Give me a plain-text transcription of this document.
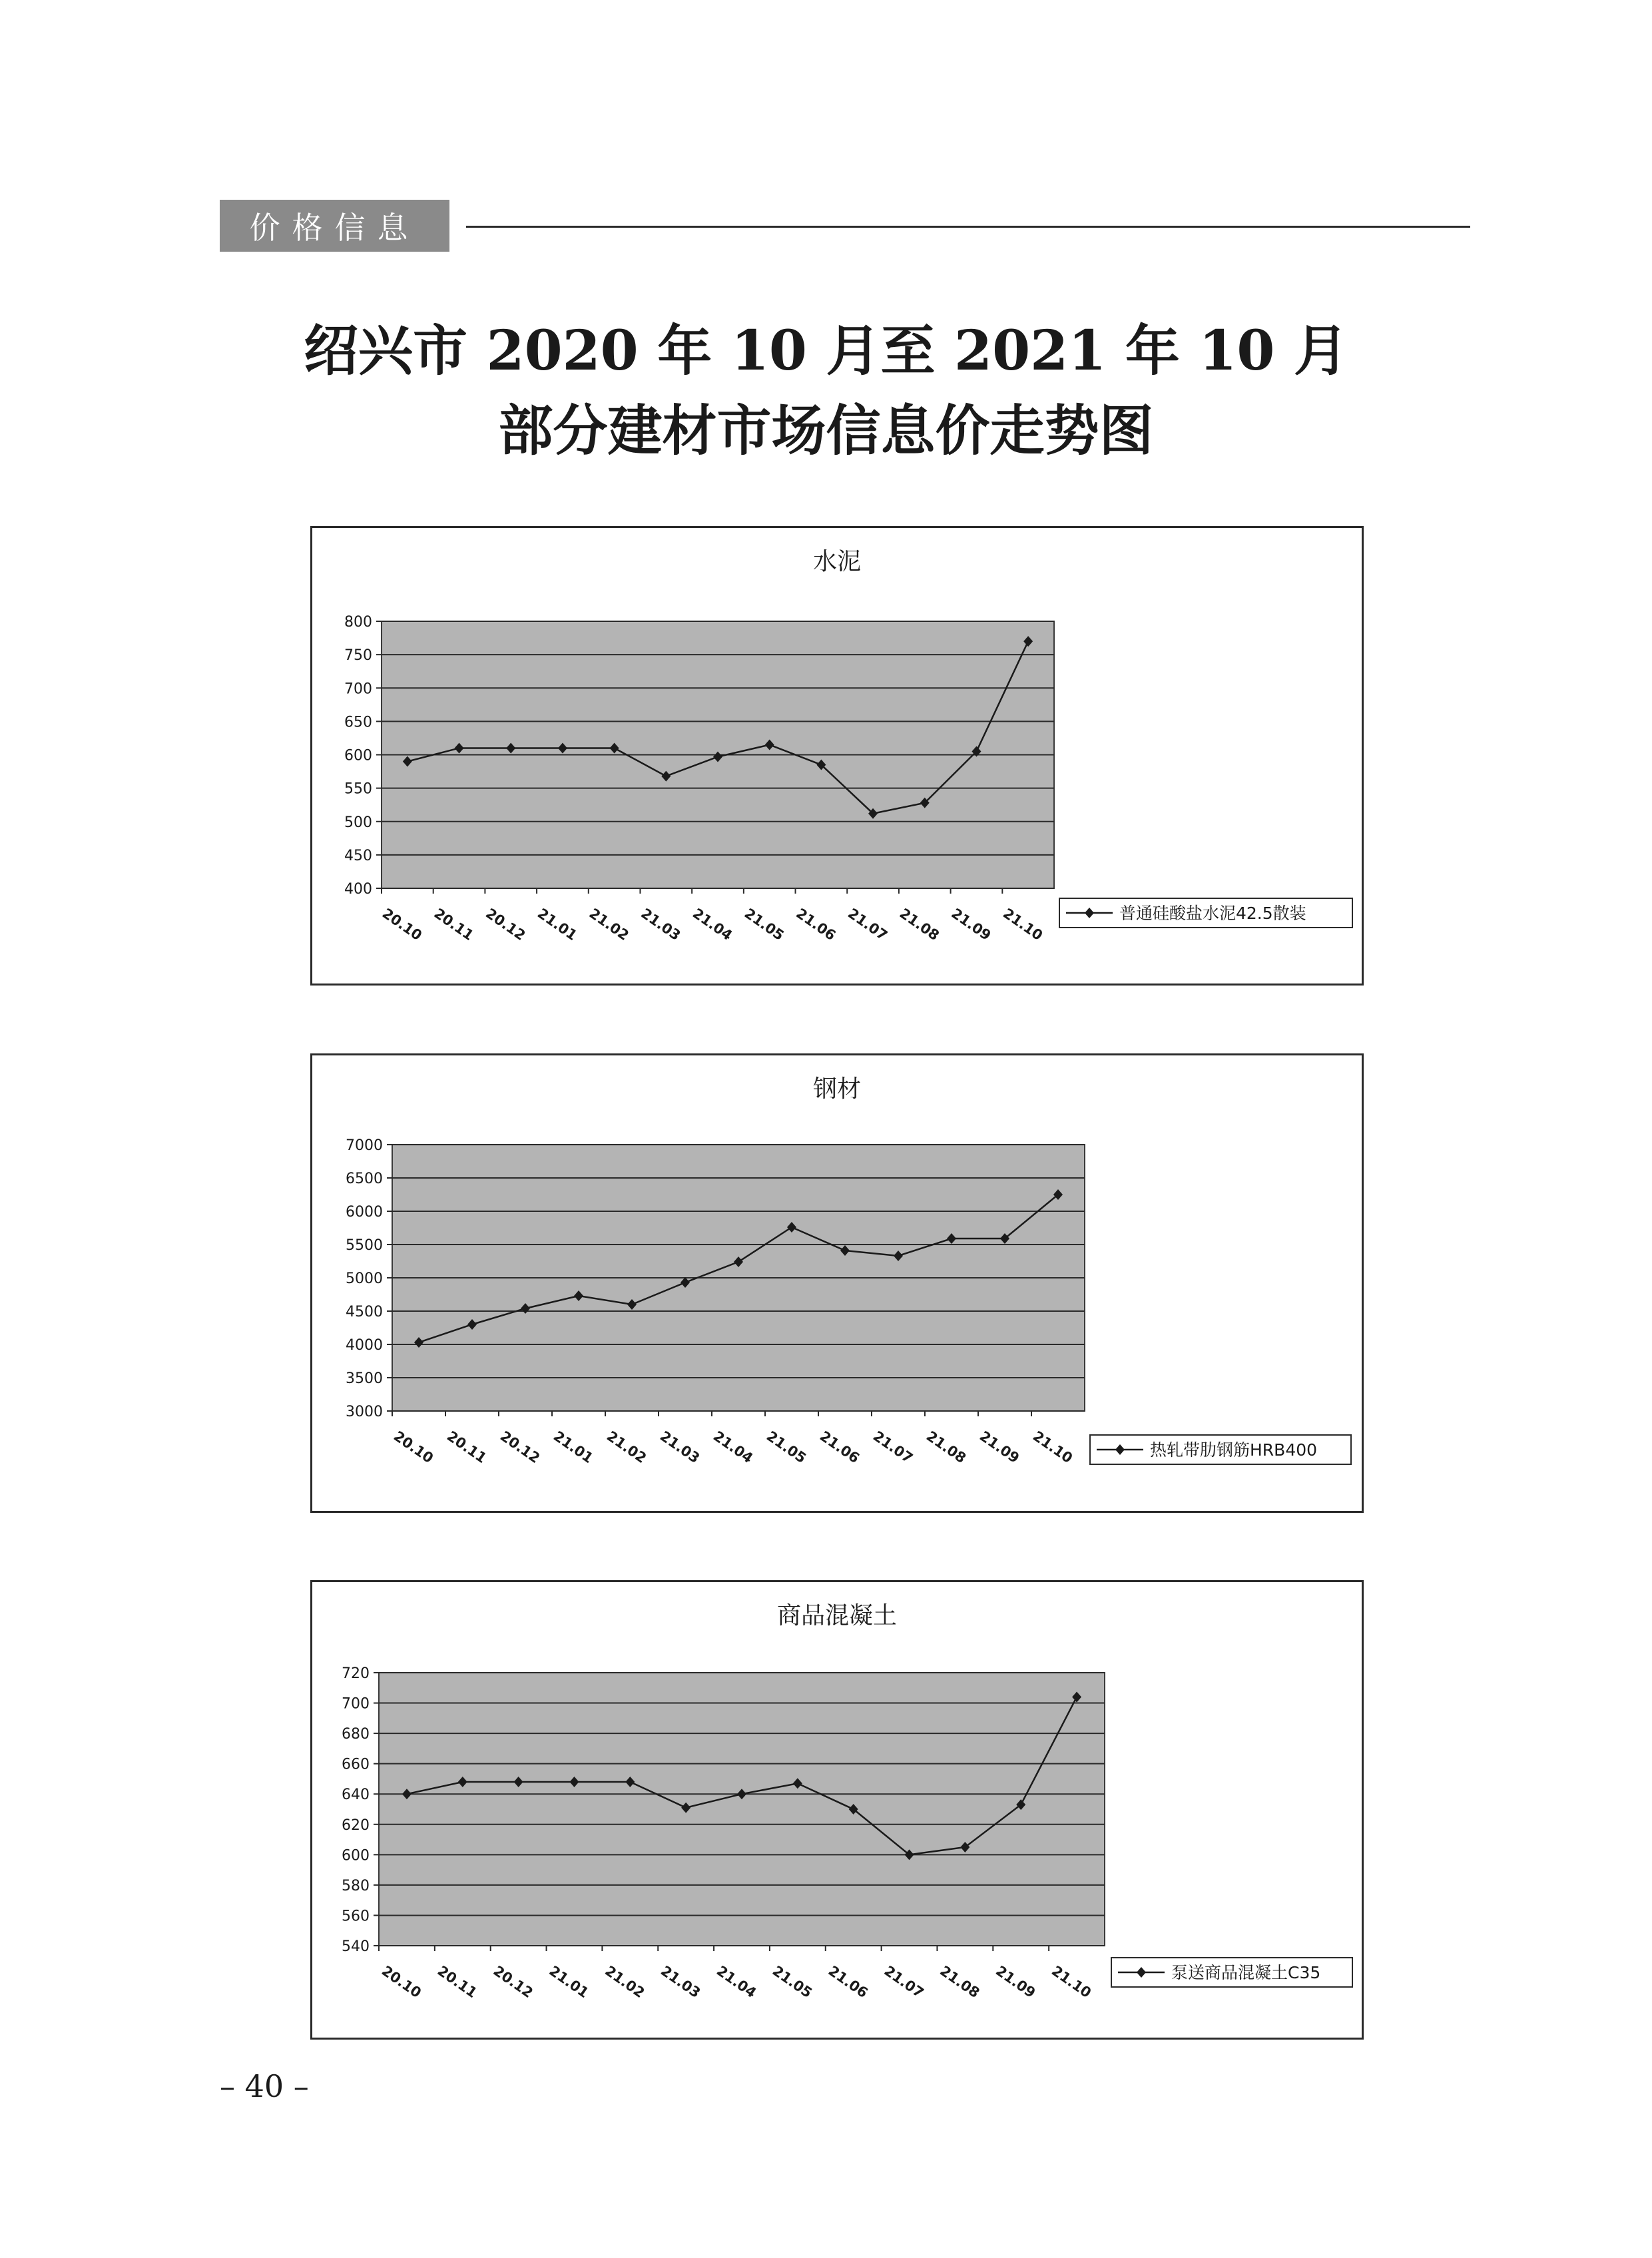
价格信息
绍兴市 2020 年 10 月至 2021 年 10 月
部分建材市场信息价走势图
水泥
400
450
500
550
600
650
700
750
800
20.10 20.11 20.12 21.01 21.02 21.03 21.04 21.05 21.06 21.07 21.08 21.09 21.10	普通硅酸盐水泥42.5散装
钢材
3000
3500
4000
4500
5000
5500
6000
6500
7000
20.10 20.11 20.12 21.01 21.02 21.03 21.04 21.05 21.06 21.07 21.08 21.09 21.10	热轧带肋钢筋HRB400
商品混凝土
540
560
580
600
620
640
660
680
700
720
20.10 20.11 20.12 21.01 21.02 21.03 21.04 21.05 21.06 21.07 21.08 21.09 21.10	泵送商品混凝土C35
– 40 –
